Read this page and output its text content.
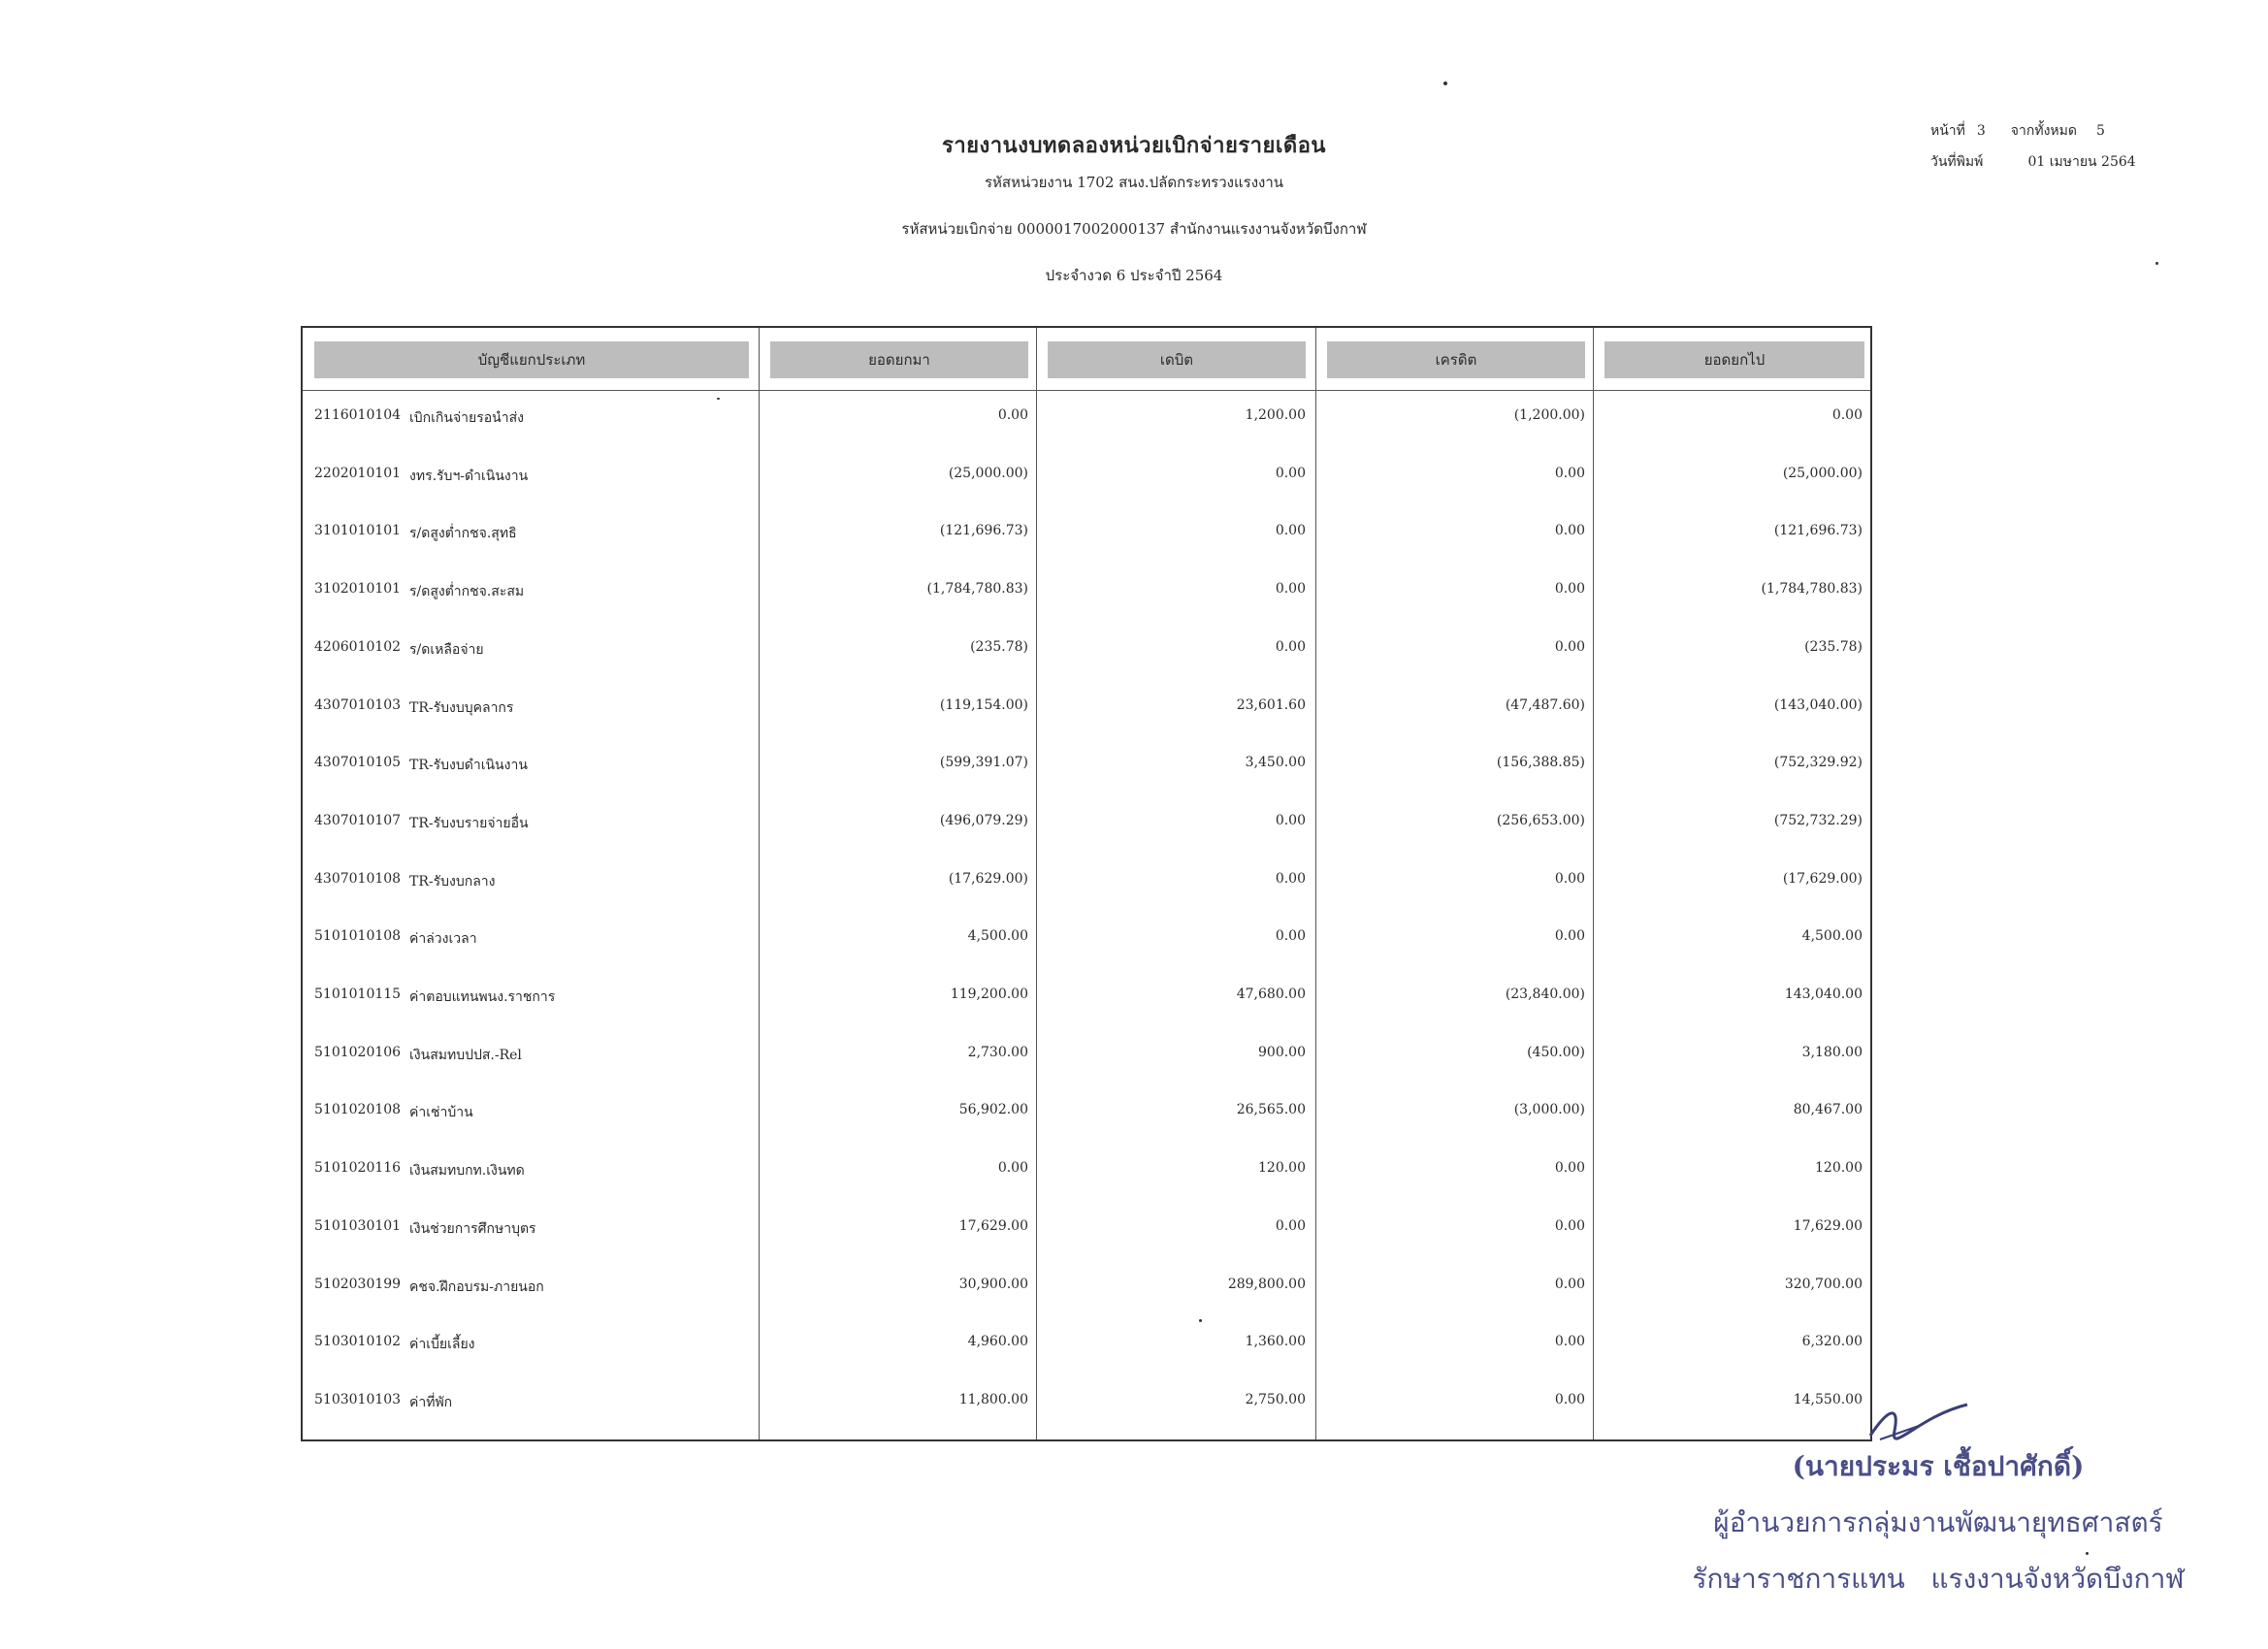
รายงานงบทดลองหน่วยเบิกจ่ายรายเดือน
รหัสหน่วยงาน 1702 สนง.ปลัดกระทรวงแรงงาน
รหัสหน่วยเบิกจ่าย 0000017002000137 สำนักงานแรงงานจังหวัดบึงกาฬ
ประจำงวด 6 ประจำปี 2564
หน้าที่ 3 จากทั้งหมด 5
วันที่พิมพ์	01 เมษายน 2564
บัญชีแยกประเภท	ยอดยกมา	เดบิต	เครดิต	ยอดยกไป
2116010104 เบิกเกินจ่ายรอนำส่ง	0.00	1,200.00	(1,200.00)	0.00
2202010101 งทร.รับฯ-ดำเนินงาน	(25,000.00)	0.00	0.00	(25,000.00)
3101010101 ร/ดสูงต่ำกชจ.สุทธิ	(121,696.73)	0.00	0.00	(121,696.73)
3102010101 ร/ดสูงต่ำกชจ.สะสม	(1,784,780.83)	0.00	0.00	(1,784,780.83)
4206010102 ร/ดเหลือจ่าย	(235.78)	0.00	0.00	(235.78)
4307010103 TR-รับงบบุคลากร	(119,154.00)	23,601.60	(47,487.60)	(143,040.00)
4307010105 TR-รับงบดำเนินงาน	(599,391.07)	3,450.00	(156,388.85)	(752,329.92)
4307010107 TR-รับงบรายจ่ายอื่น	(496,079.29)	0.00	(256,653.00)	(752,732.29)
4307010108 TR-รับงบกลาง	(17,629.00)	0.00	0.00	(17,629.00)
5101010108 ค่าล่วงเวลา	4,500.00	0.00	0.00	4,500.00
5101010115 ค่าตอบแทนพนง.ราชการ	119,200.00	47,680.00	(23,840.00)	143,040.00
5101020106 เงินสมทบปปส.-Rel	2,730.00	900.00	(450.00)	3,180.00
5101020108 ค่าเช่าบ้าน	56,902.00	26,565.00	(3,000.00)	80,467.00
5101020116 เงินสมทบกท.เงินทด	0.00	120.00	0.00	120.00
5101030101 เงินช่วยการศึกษาบุตร	17,629.00	0.00	0.00	17,629.00
5102030199 คชจ.ฝึกอบรม-ภายนอก	30,900.00	289,800.00	0.00	320,700.00
5103010102 ค่าเบี้ยเลี้ยง	4,960.00	1,360.00	0.00	6,320.00
5103010103 ค่าที่พัก	11,800.00	2,750.00	0.00	14,550.00
(นายประมร เชื้อปาศักดิ์)
ผู้อำนวยการกลุ่มงานพัฒนายุทธศาสตร์
รักษาราชการแทน   แรงงานจังหวัดบึงกาฬ
